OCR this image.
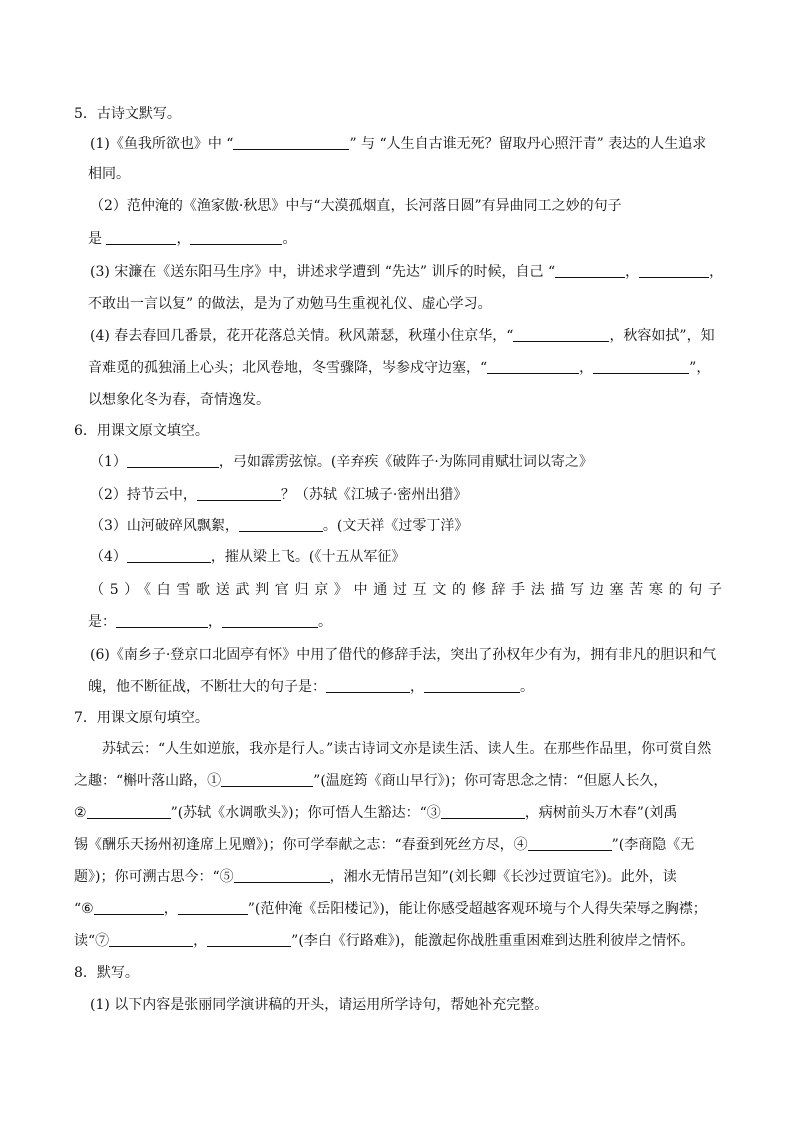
5．古诗文默写。
(1)《鱼我所欲也》中 “	” 与 “人生自古谁无死？留取丹心照汗青” 表达的人生追求
相同。
（2）范仲淹的《渔家傲·秋思》中与“大漠孤烟直，长河落日圆”有异曲同工之妙的句子
是	，	。
(3) 宋濂在《送东阳马生序》中，讲述求学遭到 “先达” 训斥的时候，自己 “	，	，
不敢出一言以复” 的做法，是为了劝勉马生重视礼仪、虚心学习。
(4) 春去春回几番景，花开花落总关情。秋风萧瑟，秋瑾小住京华，“	，秋容如拭”，知
音难觅的孤独涌上心头；北风卷地，冬雪骤降，岑参戍守边塞，“	，	”，
以想象化冬为春，奇情逸发。
6．用课文原文填空。
（1）	，弓如霹雳弦惊。(辛弃疾《破阵子·为陈同甫赋壮词以寄之》
（2）持节云中，	？（苏轼《江城子·密州出猎》
（3）山河破碎风飘絮，	。(文天祥《过零丁洋》
（4）	，摧从梁上飞。(《十五从军征》
（5）《白雪歌送武判官归京》中通过互文的修辞手法描写边塞苦寒的句子
是：	，	。
(6)《南乡子·登京口北固亭有怀》中用了借代的修辞手法，突出了孙权年少有为，拥有非凡的胆识和气
魄，他不断征战，不断壮大的句子是：	，	。
7．用课文原句填空。
苏轼云：“人生如逆旅，我亦是行人。”读古诗词文亦是读生活、读人生。在那些作品里，你可赏自然
之趣：“槲叶落山路，①	”(温庭筠《商山早行》)；你可寄思念之情：“但愿人长久，
②	”(苏轼《水调歌头》)；你可悟人生豁达：“③	，病树前头万木春”(刘禹
锡《酬乐天扬州初逢席上见赠》)；你可学奉献之志：“春蚕到死丝方尽，④	”(李商隐《无
题》)；你可溯古思今：“⑤	，湘水无情吊岂知”(刘长卿《长沙过贾谊宅》)。此外，读
“⑥	，	”(范仲淹《岳阳楼记》)，能让你感受超越客观环境与个人得失荣辱之胸襟；
读“⑦	，	”(李白《行路难》)，能激起你战胜重重困难到达胜利彼岸之情怀。
8．默写。
(1) 以下内容是张丽同学演讲稿的开头，请运用所学诗句，帮她补充完整。
